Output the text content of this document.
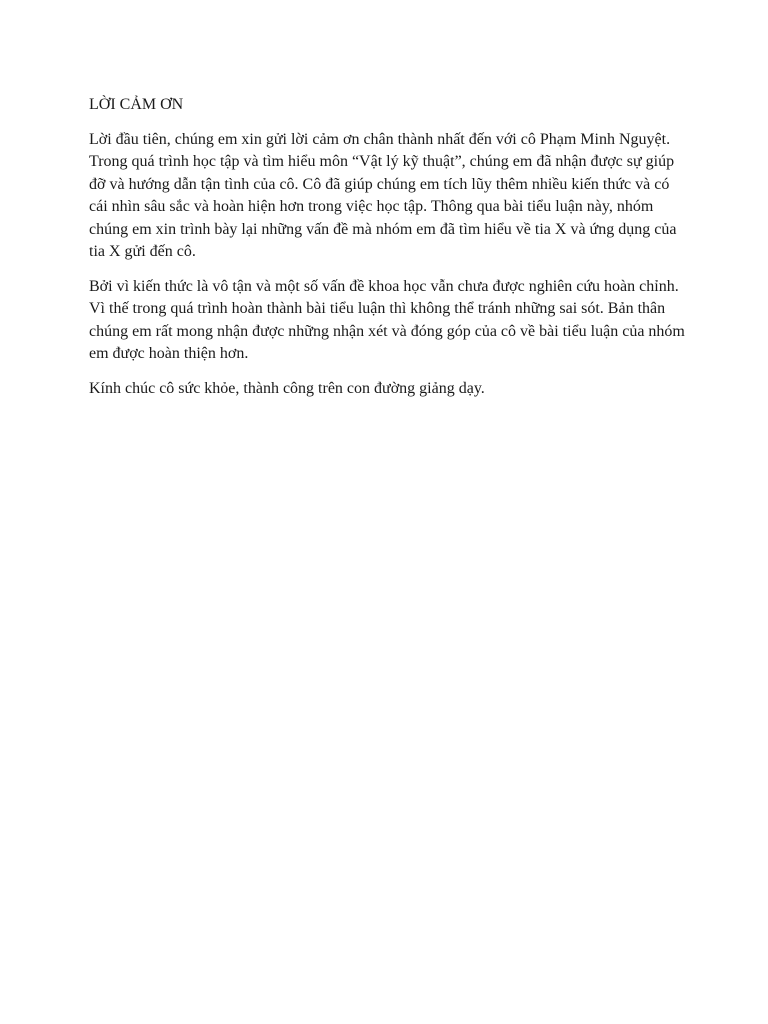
LỜI CẢM ƠN

Lời đầu tiên, chúng em xin gửi lời cảm ơn chân thành nhất đến với cô Phạm Minh Nguyệt. Trong quá trình học tập và tìm hiểu môn “Vật lý kỹ thuật”, chúng em đã nhận được sự giúp đỡ và hướng dẫn tận tình của cô. Cô đã giúp chúng em tích lũy thêm nhiều kiến thức và có cái nhìn sâu sắc và hoàn hiện hơn trong việc học tập. Thông qua bài tiểu luận này, nhóm chúng em xin trình bày lại những vấn đề mà nhóm em đã tìm hiểu về tia X và ứng dụng của tia X gửi đến cô.

Bởi vì kiến thức là vô tận và một số vấn đề khoa học vẫn chưa được nghiên cứu hoàn chỉnh. Vì thế trong quá trình hoàn thành bài tiểu luận thì không thể tránh những sai sót. Bản thân chúng em rất mong nhận được những nhận xét và đóng góp của cô về bài tiểu luận của nhóm em được hoàn thiện hơn.

Kính chúc cô sức khỏe, thành công trên con đường giảng dạy.
